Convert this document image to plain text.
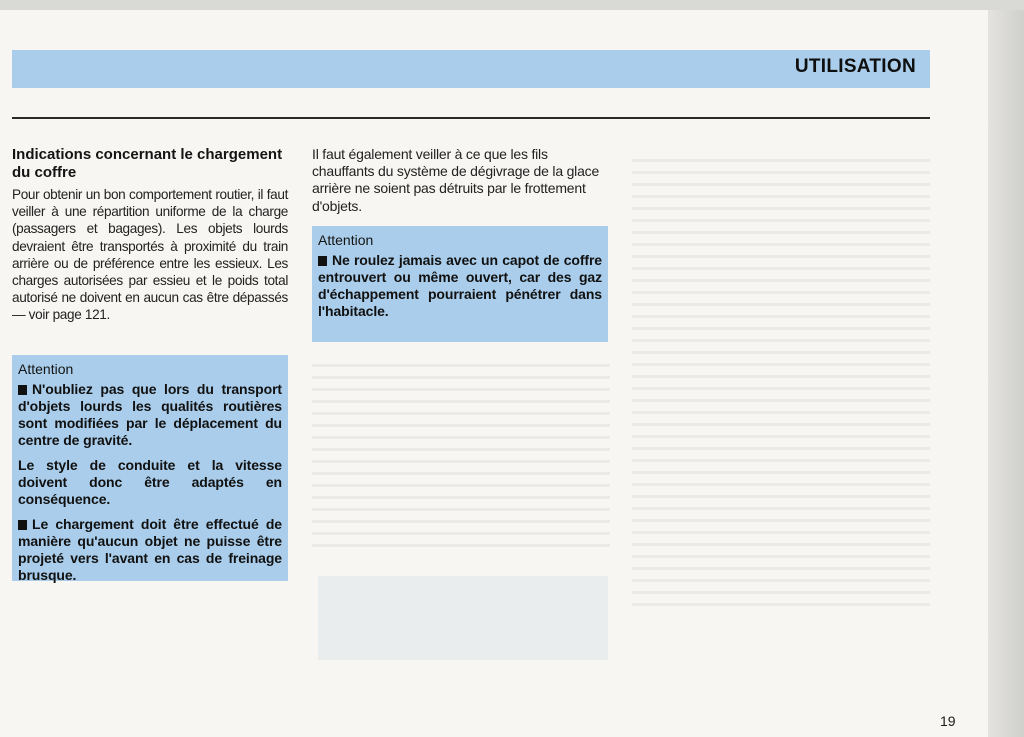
UTILISATION
Indications concernant le chargement du coffre
Pour obtenir un bon comportement routier, il faut veiller à une répartition uniforme de la charge (passagers et bagages). Les objets lourds devraient être transportés à proximité du train arrière ou de préférence entre les essieux. Les charges autorisées par essieu et le poids total autorisé ne doivent en aucun cas être dépassés — voir page 121.
Attention
N'oubliez pas que lors du transport d'objets lourds les qualités routières sont modifiées par le déplacement du centre de gravité.
Le style de conduite et la vitesse doivent donc être adaptés en conséquence.
Le chargement doit être effectué de manière qu'aucun objet ne puisse être projeté vers l'avant en cas de freinage brusque.
Il faut également veiller à ce que les fils chauffants du système de dégivrage de la glace arrière ne soient pas détruits par le frottement d'objets.
Attention
Ne roulez jamais avec un capot de coffre entrouvert ou même ouvert, car des gaz d'échappement pourraient pénétrer dans l'habitacle.
19
